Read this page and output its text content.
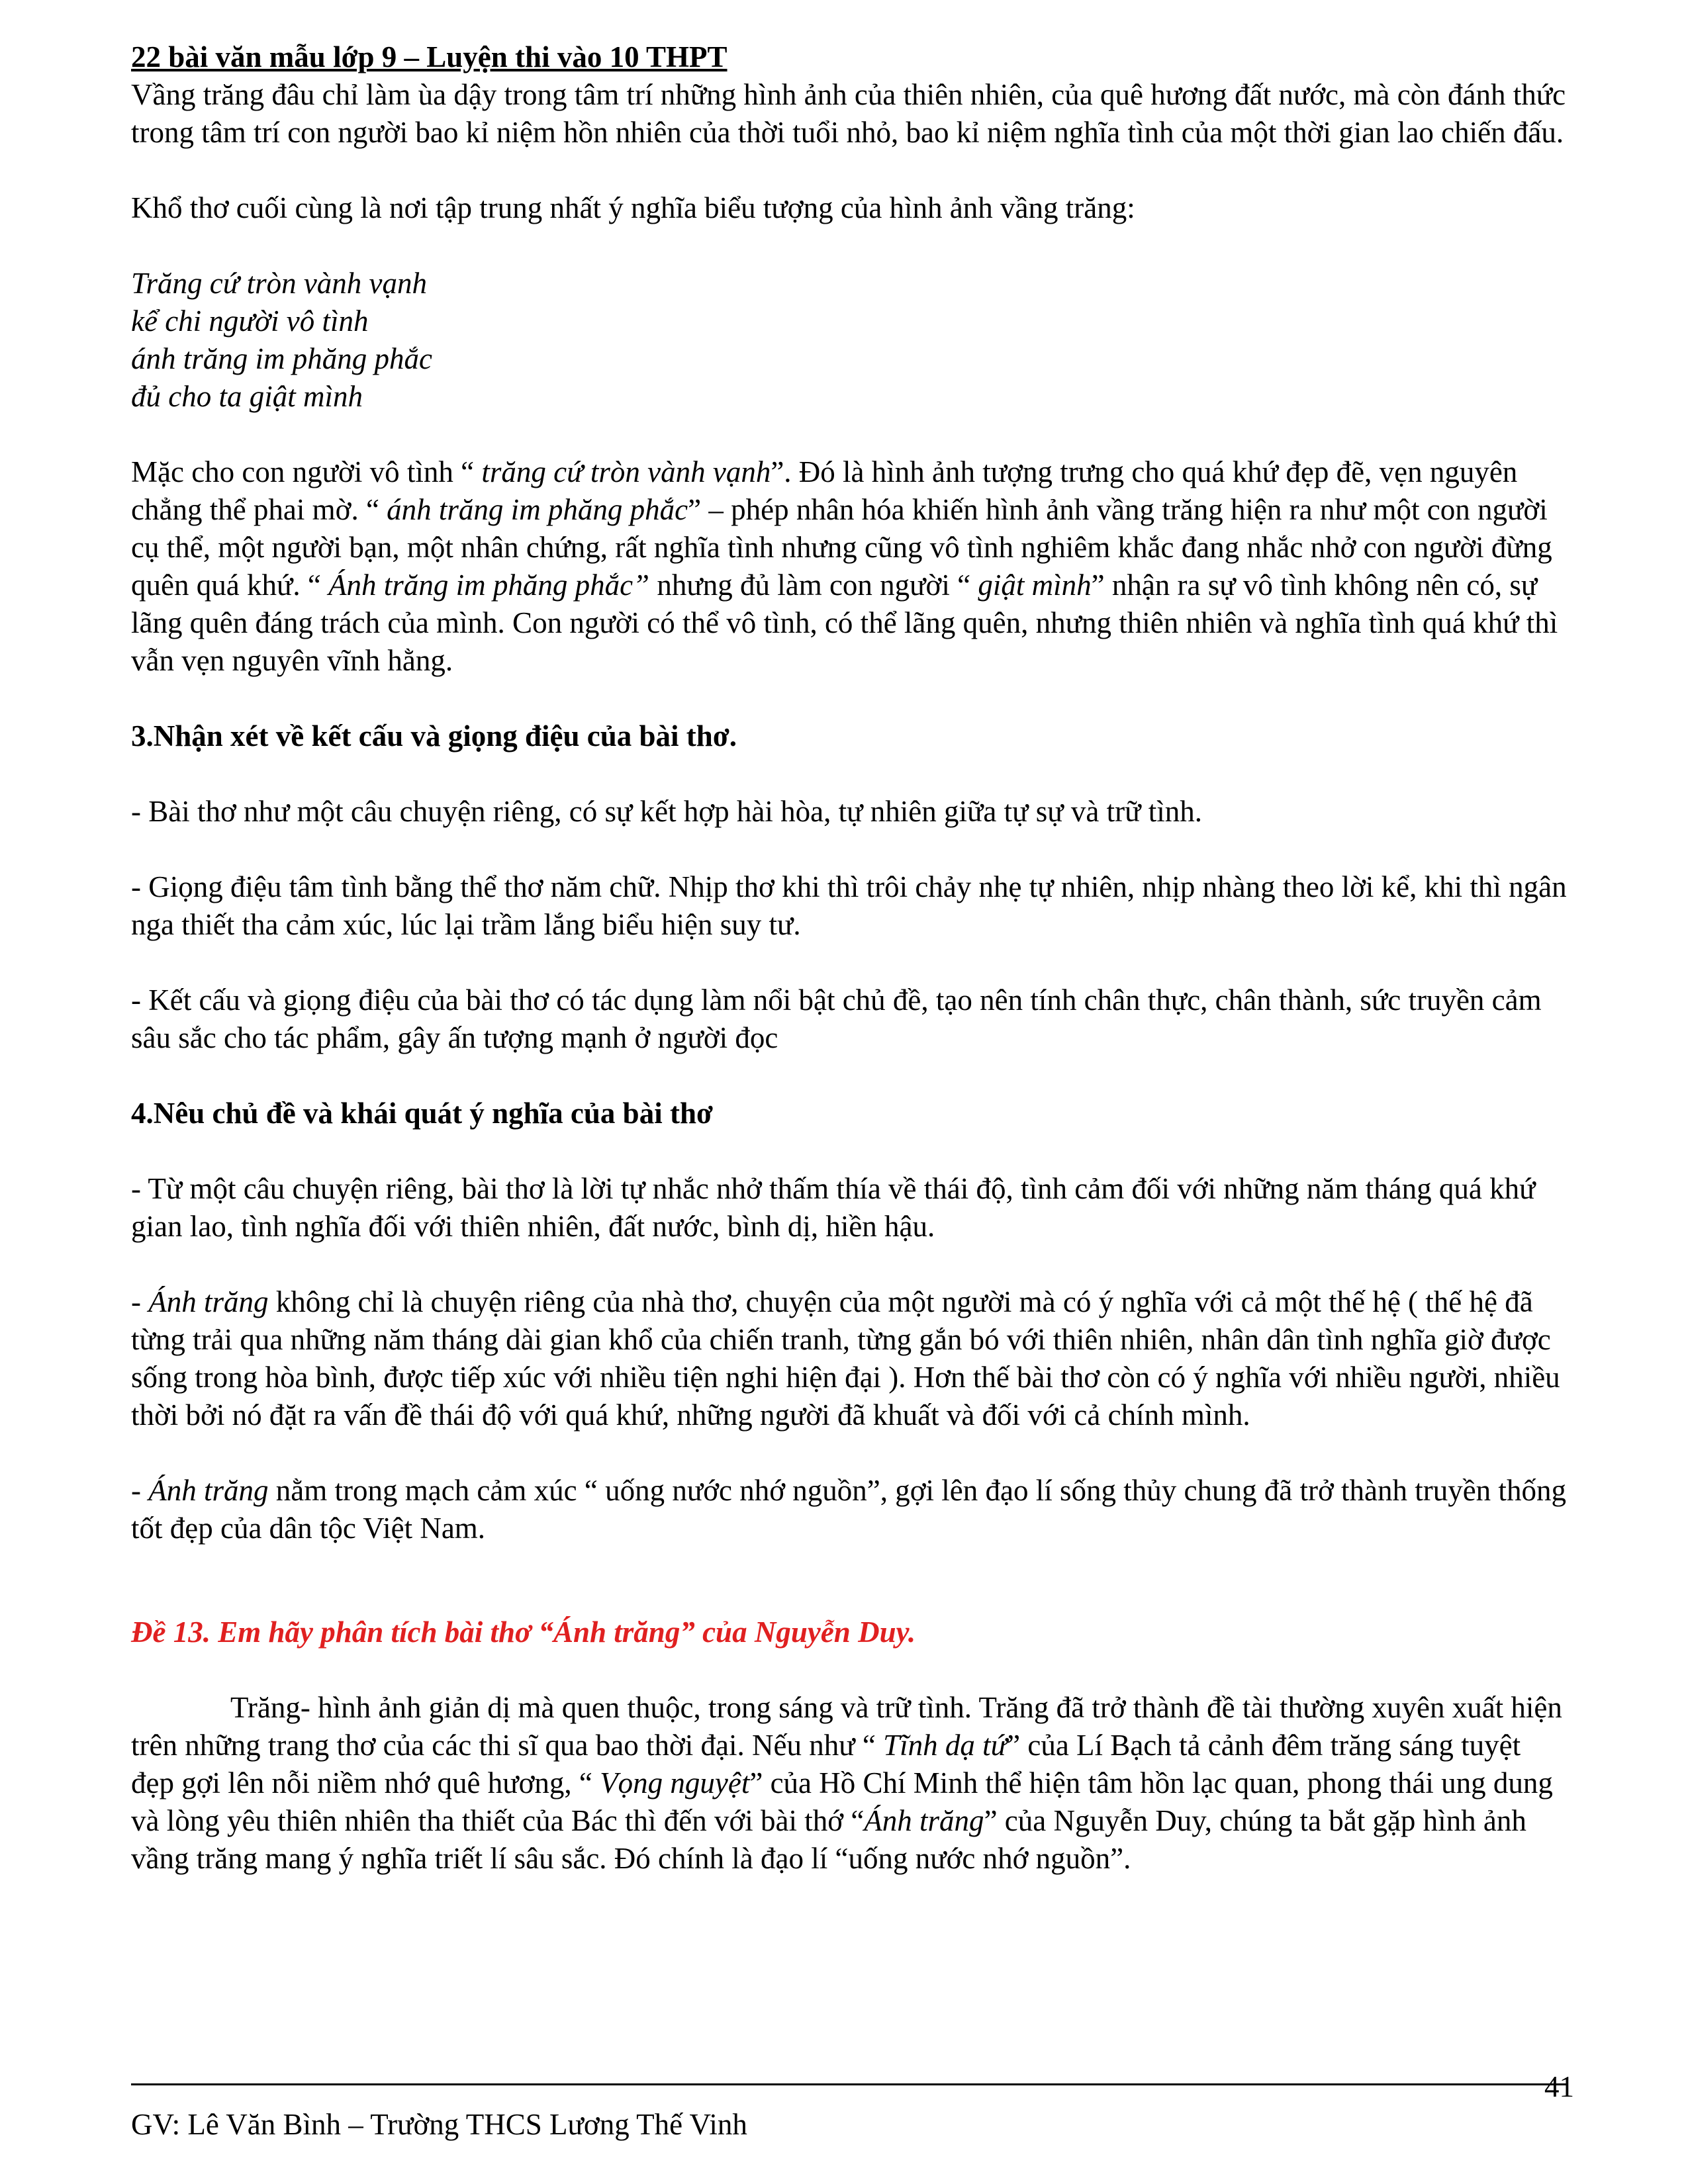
22 bài văn mẫu lớp 9 – Luyện thi vào 10 THPT

Vầng trăng đâu chỉ làm ùa dậy trong tâm trí những hình ảnh của thiên nhiên, của quê hương đất nước, mà còn đánh thức trong tâm trí con người bao kỉ niệm hồn nhiên của thời tuổi nhỏ, bao kỉ niệm nghĩa tình của một thời gian lao chiến đấu.

Khổ thơ cuối cùng là nơi tập trung nhất ý nghĩa biểu tượng của hình ảnh vầng trăng:

Trăng cứ tròn vành vạnh

kể chi người vô tình

ánh trăng im phăng phắc

đủ cho ta giật mình

Mặc cho con người vô tình “ trăng cứ tròn vành vạnh”. Đó là hình ảnh tượng trưng cho quá khứ đẹp đẽ, vẹn nguyên chẳng thể phai mờ. “ ánh trăng im phăng phắc” – phép nhân hóa khiến hình ảnh vầng trăng hiện ra như một con người cụ thể, một người bạn, một nhân chứng, rất nghĩa tình nhưng cũng vô tình nghiêm khắc đang nhắc nhở con người đừng quên quá khứ. “ Ánh trăng im phăng phắc” nhưng đủ làm con người “ giật mình” nhận ra sự vô tình không nên có, sự lãng quên đáng trách của mình. Con người có thể vô tình, có thể lãng quên, nhưng thiên nhiên và nghĩa tình quá khứ thì vẫn vẹn nguyên vĩnh hằng.

3.Nhận xét về kết cấu và giọng điệu của bài thơ.

- Bài thơ như một câu chuyện riêng, có sự kết hợp hài hòa, tự nhiên giữa tự sự và trữ tình.

- Giọng điệu tâm tình bằng thể thơ năm chữ. Nhịp thơ khi thì trôi chảy nhẹ tự nhiên, nhịp nhàng theo lời kể, khi thì ngân nga thiết tha cảm xúc, lúc lại trầm lắng biểu hiện suy tư.

- Kết cấu và giọng điệu của bài thơ có tác dụng làm nổi bật chủ đề, tạo nên tính chân thực, chân thành, sức truyền cảm sâu sắc cho tác phẩm, gây ấn tượng mạnh ở người đọc

4.Nêu chủ đề và khái quát ý nghĩa của bài thơ

- Từ một câu chuyện riêng, bài thơ là lời tự nhắc nhở thấm thía về thái độ, tình cảm đối với những năm tháng quá khứ gian lao, tình nghĩa đối với thiên nhiên, đất nước, bình dị, hiền hậu.

- Ánh trăng không chỉ là chuyện riêng của nhà thơ, chuyện của một người mà có ý nghĩa với cả một thế hệ ( thế hệ đã từng trải qua những năm tháng dài gian khổ của chiến tranh, từng gắn bó với thiên nhiên, nhân dân tình nghĩa giờ được sống trong hòa bình, được tiếp xúc với nhiều tiện nghi hiện đại ). Hơn thế bài thơ còn có ý nghĩa với nhiều người, nhiều thời bởi nó đặt ra vấn đề thái độ với quá khứ, những người đã khuất và đối với cả chính mình.

- Ánh trăng nằm trong mạch cảm xúc “ uống nước nhớ nguồn”, gợi lên đạo lí sống thủy chung đã trở thành truyền thống tốt đẹp của dân tộc Việt Nam.

Đề 13. Em hãy phân tích bài thơ “Ánh trăng” của Nguyễn Duy.

Trăng- hình ảnh giản dị mà quen thuộc, trong sáng và trữ tình. Trăng đã trở thành đề tài thường xuyên xuất hiện trên những trang thơ của các thi sĩ qua bao thời đại. Nếu như “ Tĩnh dạ tứ” của Lí Bạch tả cảnh đêm trăng sáng tuyệt đẹp gợi lên nỗi niềm nhớ quê hương, “ Vọng nguyệt” của Hồ Chí Minh thể hiện tâm hồn lạc quan, phong thái ung dung và lòng yêu thiên nhiên tha thiết của Bác thì đến với bài thớ “Ánh trăng” của Nguyễn Duy, chúng ta bắt gặp hình ảnh vầng trăng mang ý nghĩa triết lí sâu sắc. Đó chính là đạo lí “uống nước nhớ nguồn”.

41
GV: Lê Văn Bình – Trường THCS Lương Thế Vinh
